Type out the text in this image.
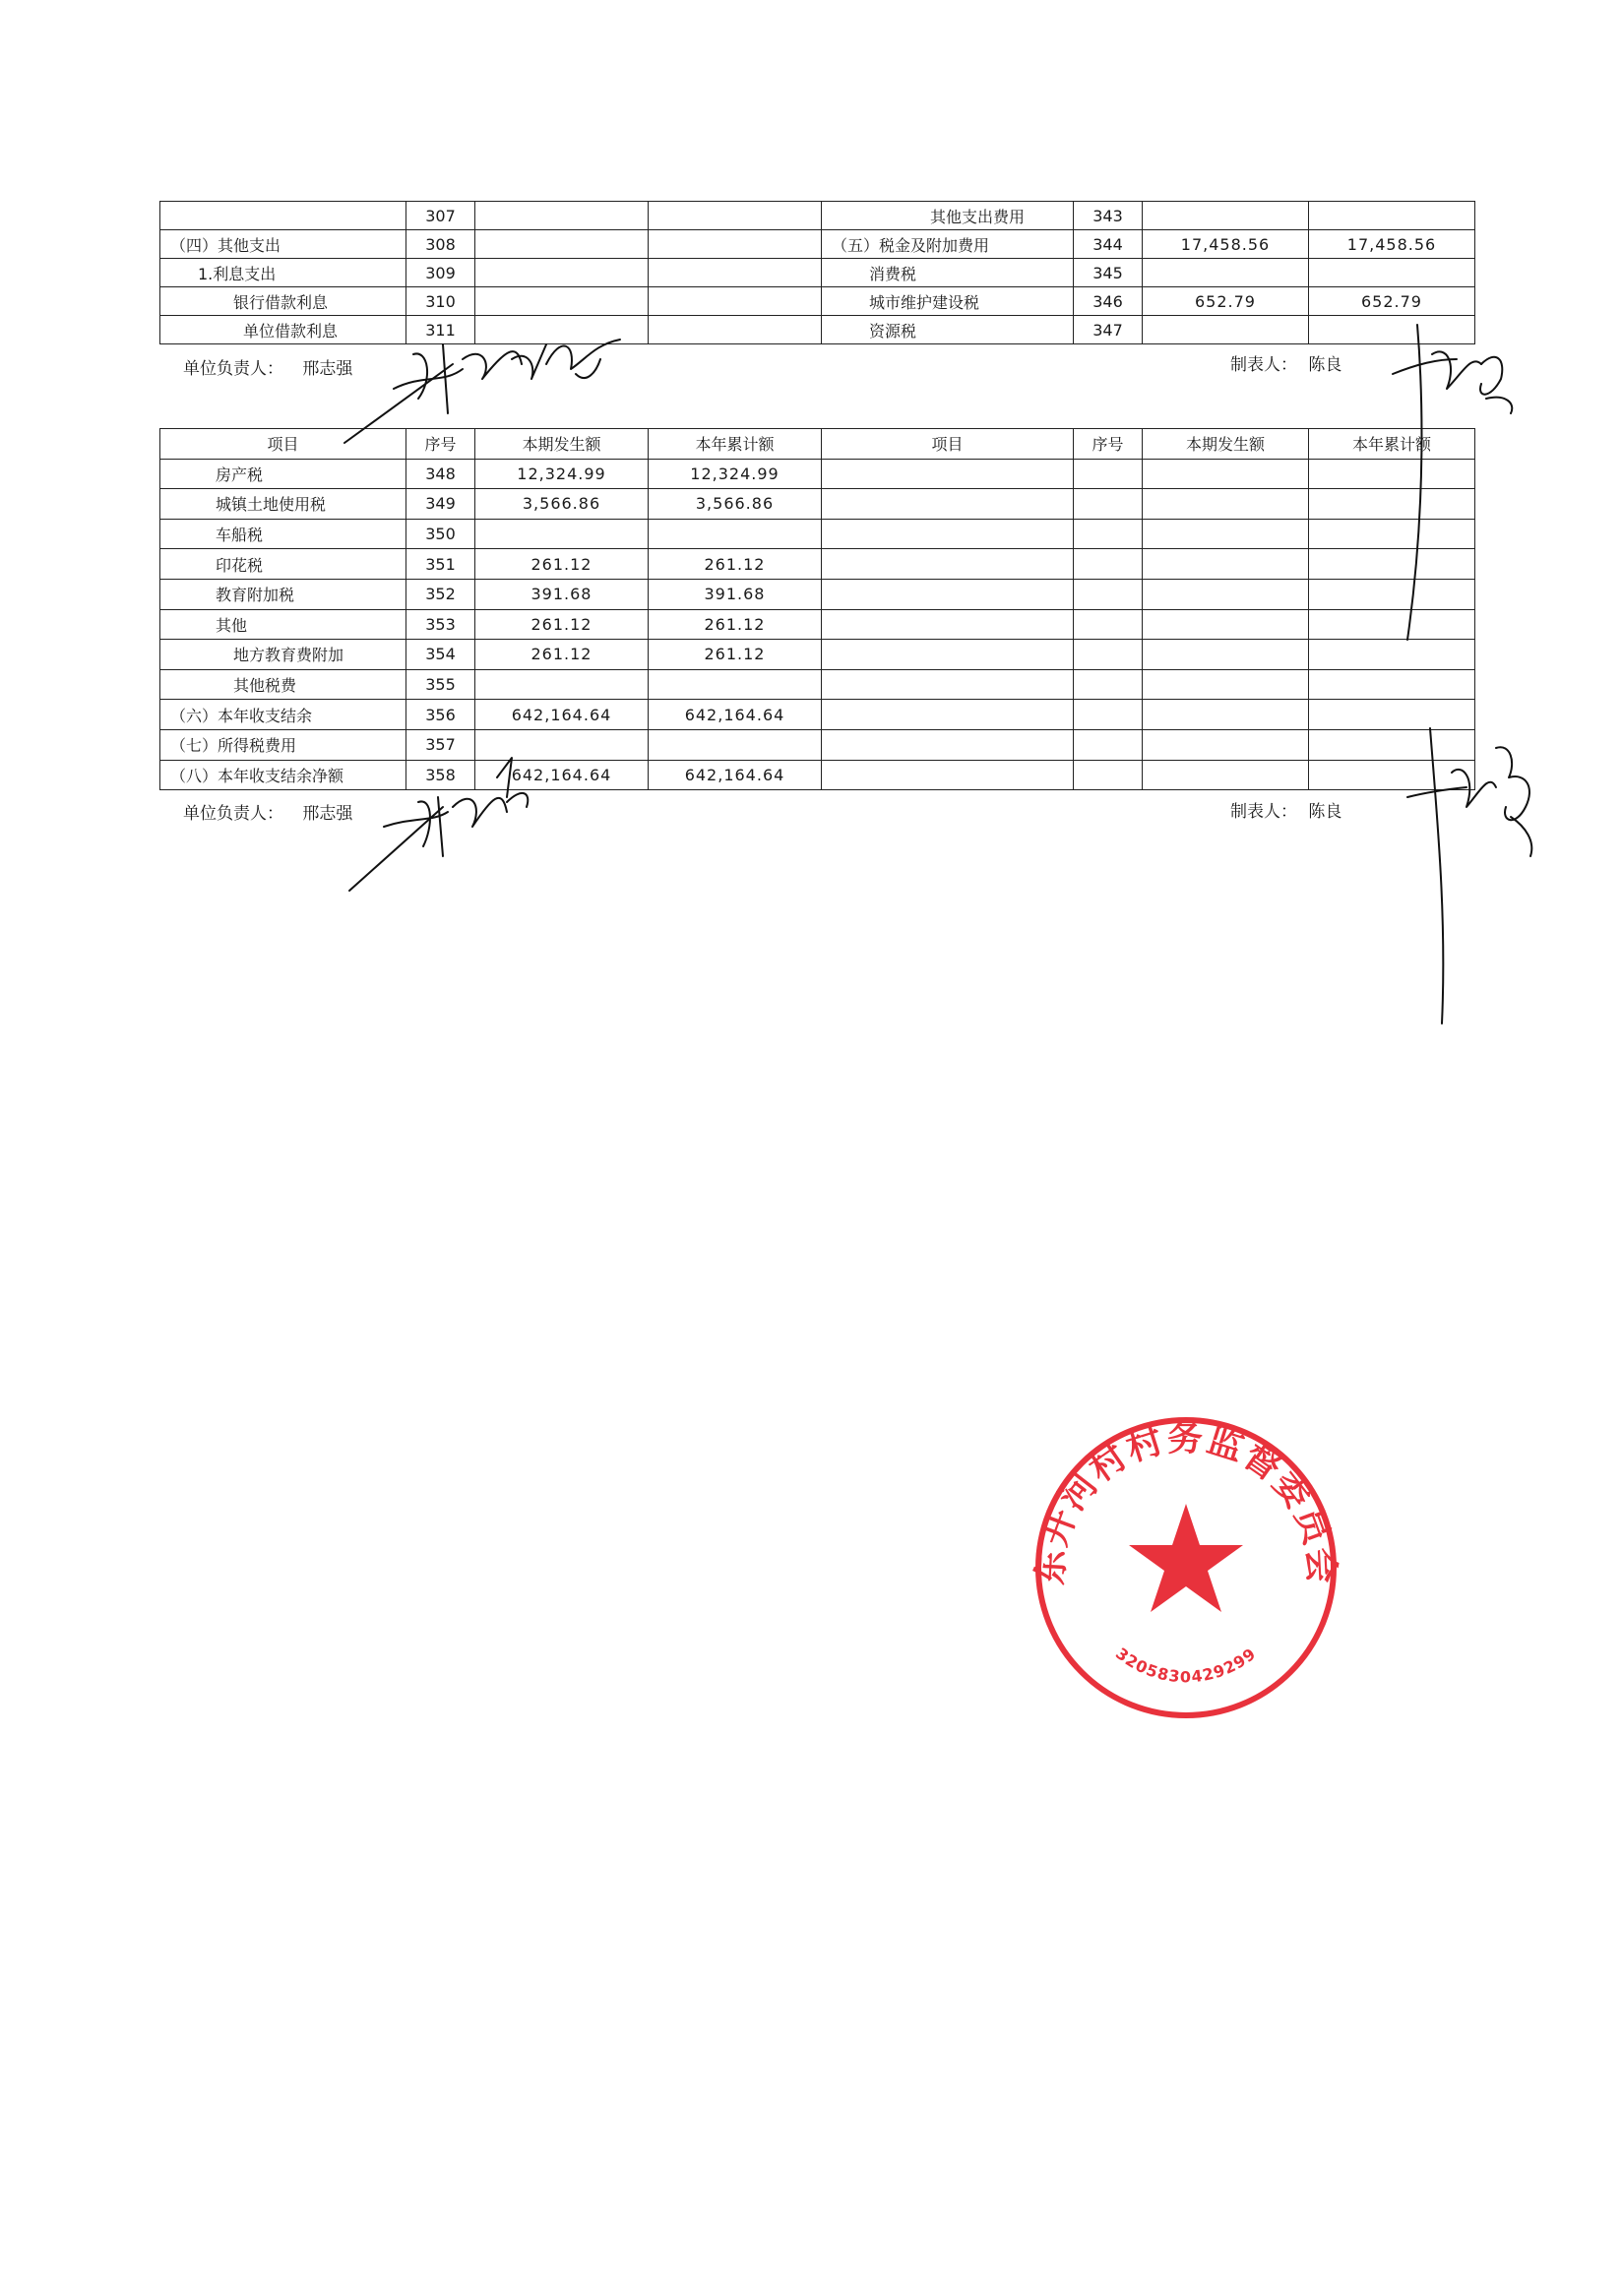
	307			其他支出费用	343		
（四）其他支出	308			（五）税金及附加费用	344	17,458.56	17,458.56
1.利息支出	309			消费税	345		
银行借款利息	310			城市维护建设税	346	652.79	652.79
单位借款利息	311			资源税	347		
单位负责人： 邢志强	制表人： 陈良
项目	序号	本期发生额	本年累计额	项目	序号	本期发生额	本年累计额
房产税	348	12,324.99	12,324.99				
城镇土地使用税	349	3,566.86	3,566.86				
车船税	350						
印花税	351	261.12	261.12				
教育附加税	352	391.68	391.68				
其他	353	261.12	261.12				
地方教育费附加	354	261.12	261.12				
其他税费	355						
（六）本年收支结余	356	642,164.64	642,164.64				
（七）所得税费用	357						
（八）本年收支结余净额	358	642,164.64	642,164.64				
单位负责人： 邢志强	制表人： 陈良
东开河村村务监督委员会
3205830429299
